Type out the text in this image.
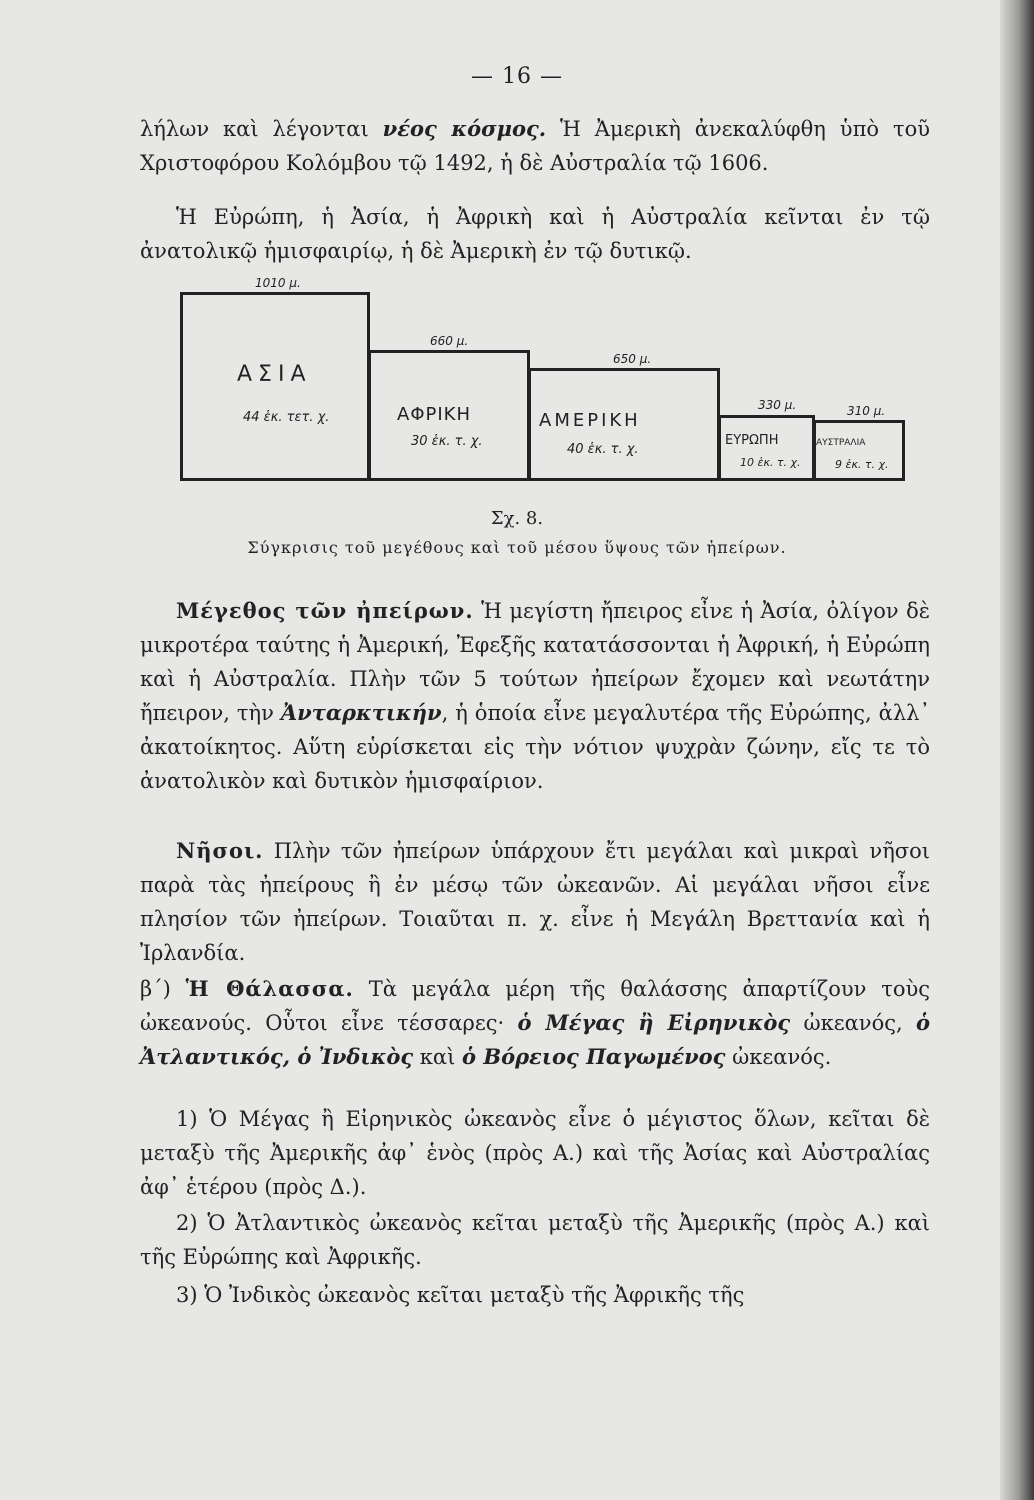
— 16 —
λήλων καὶ λέγονται νέος κόσμος. Ἡ Ἀμερικὴ ἀνεκαλύφθη ὑπὸ τοῦ Χριστοφόρου Κολόμβου τῷ 1492, ἡ δὲ Αὐστραλία τῷ 1606.
Ἡ Εὐρώπη, ἡ Ἀσία, ἡ Ἀφρικὴ καὶ ἡ Αὐστραλία κεῖνται ἐν τῷ ἀνατολικῷ ἡμισφαιρίῳ, ἡ δὲ Ἀμερικὴ ἐν τῷ δυτικῷ.
1010 μ.
ΑΣΙΑ
44 ἑκ. τετ. χ.
660 μ.
ΑΦΡΙΚΗ
30 ἑκ. τ. χ.
650 μ.
ΑΜΕΡΙΚΗ
40 ἑκ. τ. χ.
330 μ.
ΕΥΡΩΠΗ
10 ἑκ. τ. χ.
310 μ.
ΑΥΣΤΡΑΛΙΑ
9 ἑκ. τ. χ.
Σχ. 8.
Σύγκρισις τοῦ μεγέθους καὶ τοῦ μέσου ὕψους τῶν ἠπείρων.
Μέγεθος τῶν ἠπείρων. Ἡ μεγίστη ἤπειρος εἶνε ἡ Ἀσία, ὀλίγον δὲ μικροτέρα ταύτης ἡ Ἀμερική, Ἐφεξῆς κατατάσσονται ἡ Ἀφρική, ἡ Εὐρώπη καὶ ἡ Αὐστραλία. Πλὴν τῶν 5 τούτων ἠπείρων ἔχομεν καὶ νεωτάτην ἤπειρον, τὴν Ἀνταρκτικήν, ἡ ὁποία εἶνε μεγαλυτέρα τῆς Εὐρώπης, ἀλλ᾽ ἀκατοίκητος. Αὕτη εὑρίσκεται εἰς τὴν νότιον ψυχρὰν ζώνην, εἴς τε τὸ ἀνατολικὸν καὶ δυτικὸν ἡμισφαίριον.
Νῆσοι. Πλὴν τῶν ἠπείρων ὑπάρχουν ἔτι μεγάλαι καὶ μικραὶ νῆσοι παρὰ τὰς ἠπείρους ἢ ἐν μέσῳ τῶν ὠκεανῶν. Αἱ μεγάλαι νῆσοι εἶνε πλησίον τῶν ἠπείρων. Τοιαῦται π. χ. εἶνε ἡ Μεγάλη Βρεττανία καὶ ἡ Ἰρλανδία.
β΄) Ἡ Θάλασσα. Τὰ μεγάλα μέρη τῆς θαλάσσης ἀπαρτίζουν τοὺς ὠκεανούς. Οὗτοι εἶνε τέσσαρες· ὁ Μέγας ἢ Εἰρηνικὸς ὠκεανός, ὁ Ἀτλαντικός, ὁ Ἰνδικὸς καὶ ὁ Βόρειος Παγωμένος ὠκεανός.
1) Ὁ Μέγας ἢ Εἰρηνικὸς ὠκεανὸς εἶνε ὁ μέγιστος ὅλων, κεῖται δὲ μεταξὺ τῆς Ἀμερικῆς ἀφ᾽ ἑνὸς (πρὸς Α.) καὶ τῆς Ἀσίας καὶ Αὐστραλίας ἀφ᾽ ἑτέρου (πρὸς Δ.).
2) Ὁ Ἀτλαντικὸς ὠκεανὸς κεῖται μεταξὺ τῆς Ἀμερικῆς (πρὸς Α.) καὶ τῆς Εὐρώπης καὶ Ἀφρικῆς.
3) Ὁ Ἰνδικὸς ὠκεανὸς κεῖται μεταξὺ τῆς Ἀφρικῆς τῆς
